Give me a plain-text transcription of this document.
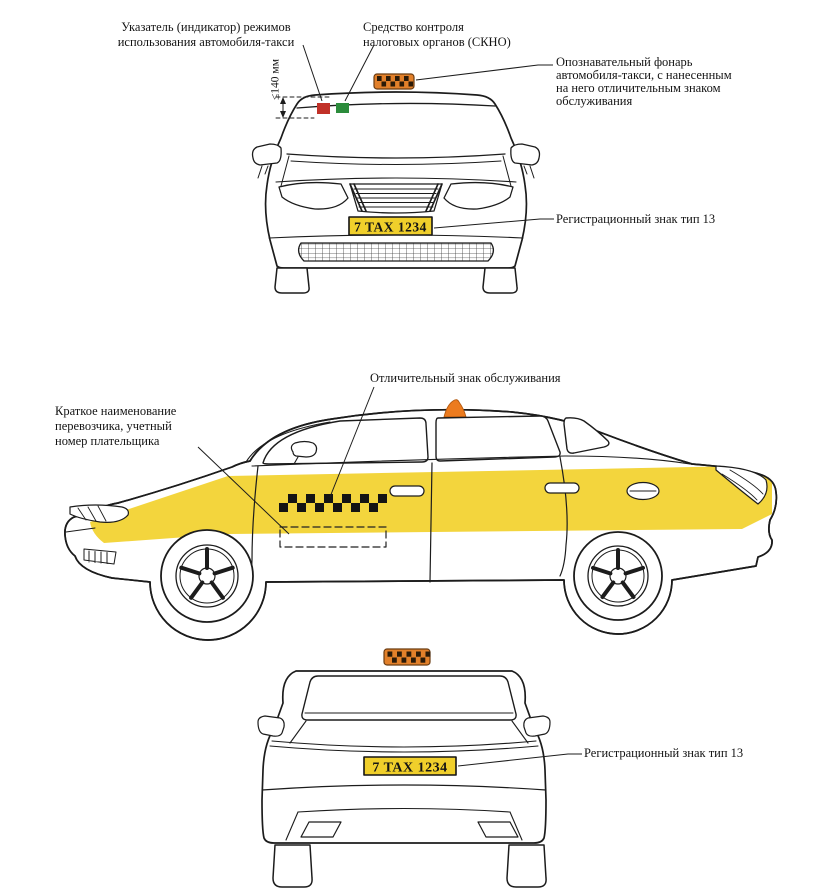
7 TAX 1234
7 TAX 1234
Указатель (индикатор) режимов
использования автомобиля-такси
Средство контроля
налоговых органов (СКНО)
Опознавательный фонарь
автомобиля-такси, с нанесенным
на него отличительным знаком
обслуживания
≤140 мм
Регистрационный знак тип 13
Отличительный знак обслуживания
Краткое наименование
перевозчика, учетный
номер плательщика
Регистрационный знак тип 13
